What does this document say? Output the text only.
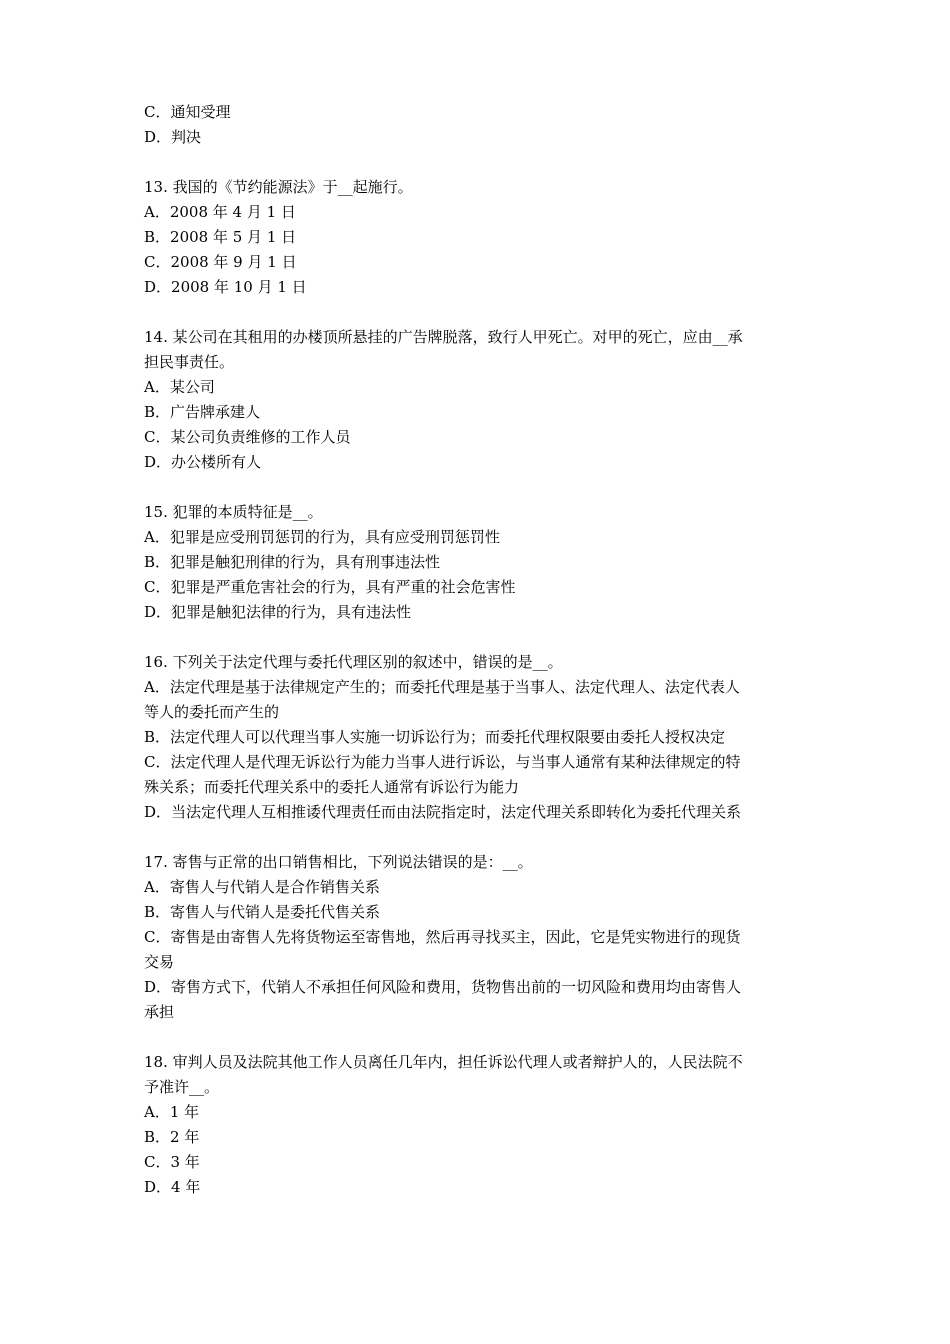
C．通知受理
D．判决
13. 我国的《节约能源法》于__起施行。
A．2008 年 4 月 1 日
B．2008 年 5 月 1 日
C．2008 年 9 月 1 日
D．2008 年 10 月 1 日
14. 某公司在其租用的办楼顶所悬挂的广告牌脱落，致行人甲死亡。对甲的死亡，应由__承
担民事责任。
A．某公司
B．广告牌承建人
C．某公司负责维修的工作人员
D．办公楼所有人
15. 犯罪的本质特征是__。
A．犯罪是应受刑罚惩罚的行为，具有应受刑罚惩罚性
B．犯罪是触犯刑律的行为，具有刑事违法性
C．犯罪是严重危害社会的行为，具有严重的社会危害性
D．犯罪是触犯法律的行为，具有违法性
16. 下列关于法定代理与委托代理区别的叙述中，错误的是__。
A．法定代理是基于法律规定产生的；而委托代理是基于当事人、法定代理人、法定代表人
等人的委托而产生的
B．法定代理人可以代理当事人实施一切诉讼行为；而委托代理权限要由委托人授权决定
C．法定代理人是代理无诉讼行为能力当事人进行诉讼，与当事人通常有某种法律规定的特
殊关系；而委托代理关系中的委托人通常有诉讼行为能力
D．当法定代理人互相推诿代理责任而由法院指定时，法定代理关系即转化为委托代理关系
17. 寄售与正常的出口销售相比，下列说法错误的是：__。
A．寄售人与代销人是合作销售关系
B．寄售人与代销人是委托代售关系
C．寄售是由寄售人先将货物运至寄售地，然后再寻找买主，因此，它是凭实物进行的现货
交易
D．寄售方式下，代销人不承担任何风险和费用，货物售出前的一切风险和费用均由寄售人
承担
18. 审判人员及法院其他工作人员离任几年内，担任诉讼代理人或者辩护人的，人民法院不
予准许__。
A．1 年
B．2 年
C．3 年
D．4 年
